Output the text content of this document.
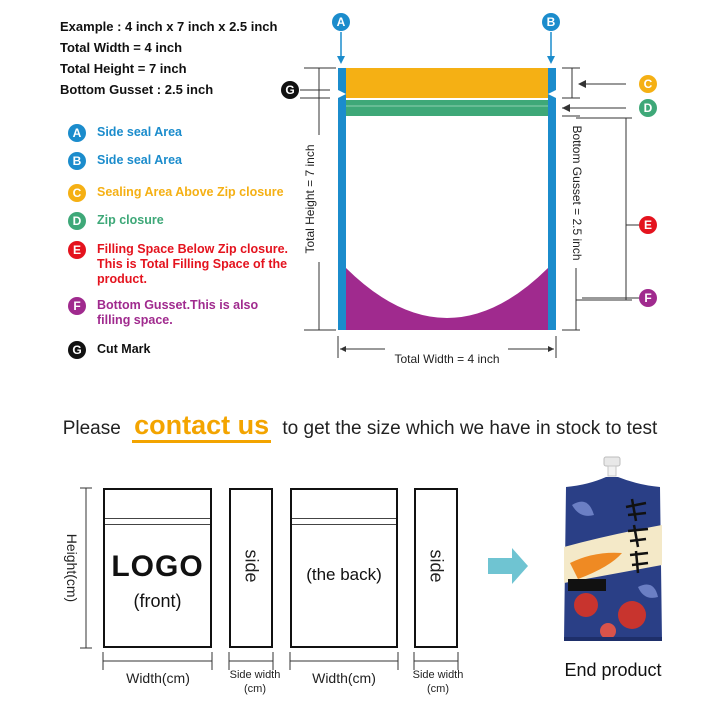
Example : 4 inch x 7 inch x 2.5 inch
Total Width = 4 inch
Total Height = 7 inch
Bottom Gusset : 2.5 inch
A	Side seal Area
B	Side seal Area
C	Sealing Area Above Zip closure
D	Zip closure
E	Filling Space Below Zip closure. This is Total Filling Space of the product.
F	Bottom Gusset.This is also filling space.
G	Cut Mark
A	B
G	C
D
E
F
Total Height = 7 inch	Bottom Gusset = 2.5 inch
Total Width = 4 inch
Please contact us to get the size which we have in stock to test
LOGO
(front)
side	(the back)	side
Height(cm)
Width(cm)	Width(cm)
Side width
(cm)
Side width
(cm)
End product
